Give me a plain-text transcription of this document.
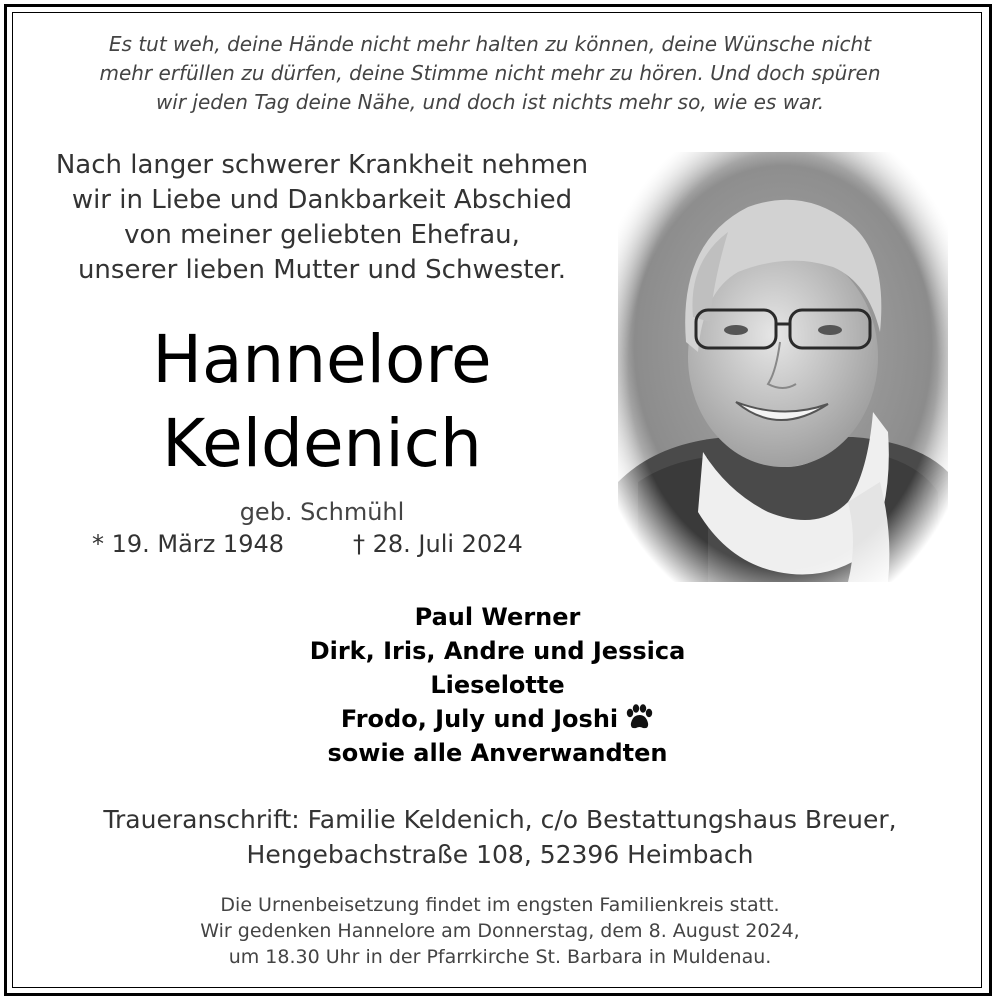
Es tut weh, deine Hände nicht mehr halten zu können, deine Wünsche nicht
mehr erfüllen zu dürfen, deine Stimme nicht mehr zu hören. Und doch spüren
wir jeden Tag deine Nähe, und doch ist nichts mehr so, wie es war.
Nach langer schwerer Krankheit nehmen
wir in Liebe und Dankbarkeit Abschied
von meiner geliebten Ehefrau,
unserer lieben Mutter und Schwester.
Hannelore
Keldenich
geb. Schmühl
* 19. März 1948	† 28. Juli 2024
Paul Werner
Dirk, Iris, Andre und Jessica
Lieselotte
Frodo, July und Joshi
sowie alle Anverwandten
Traueranschrift: Familie Keldenich, c/o Bestattungshaus Breuer,
Hengebachstraße 108, 52396 Heimbach
Die Urnenbeisetzung findet im engsten Familienkreis statt.
Wir gedenken Hannelore am Donnerstag, dem 8. August 2024,
um 18.30 Uhr in der Pfarrkirche St. Barbara in Muldenau.
